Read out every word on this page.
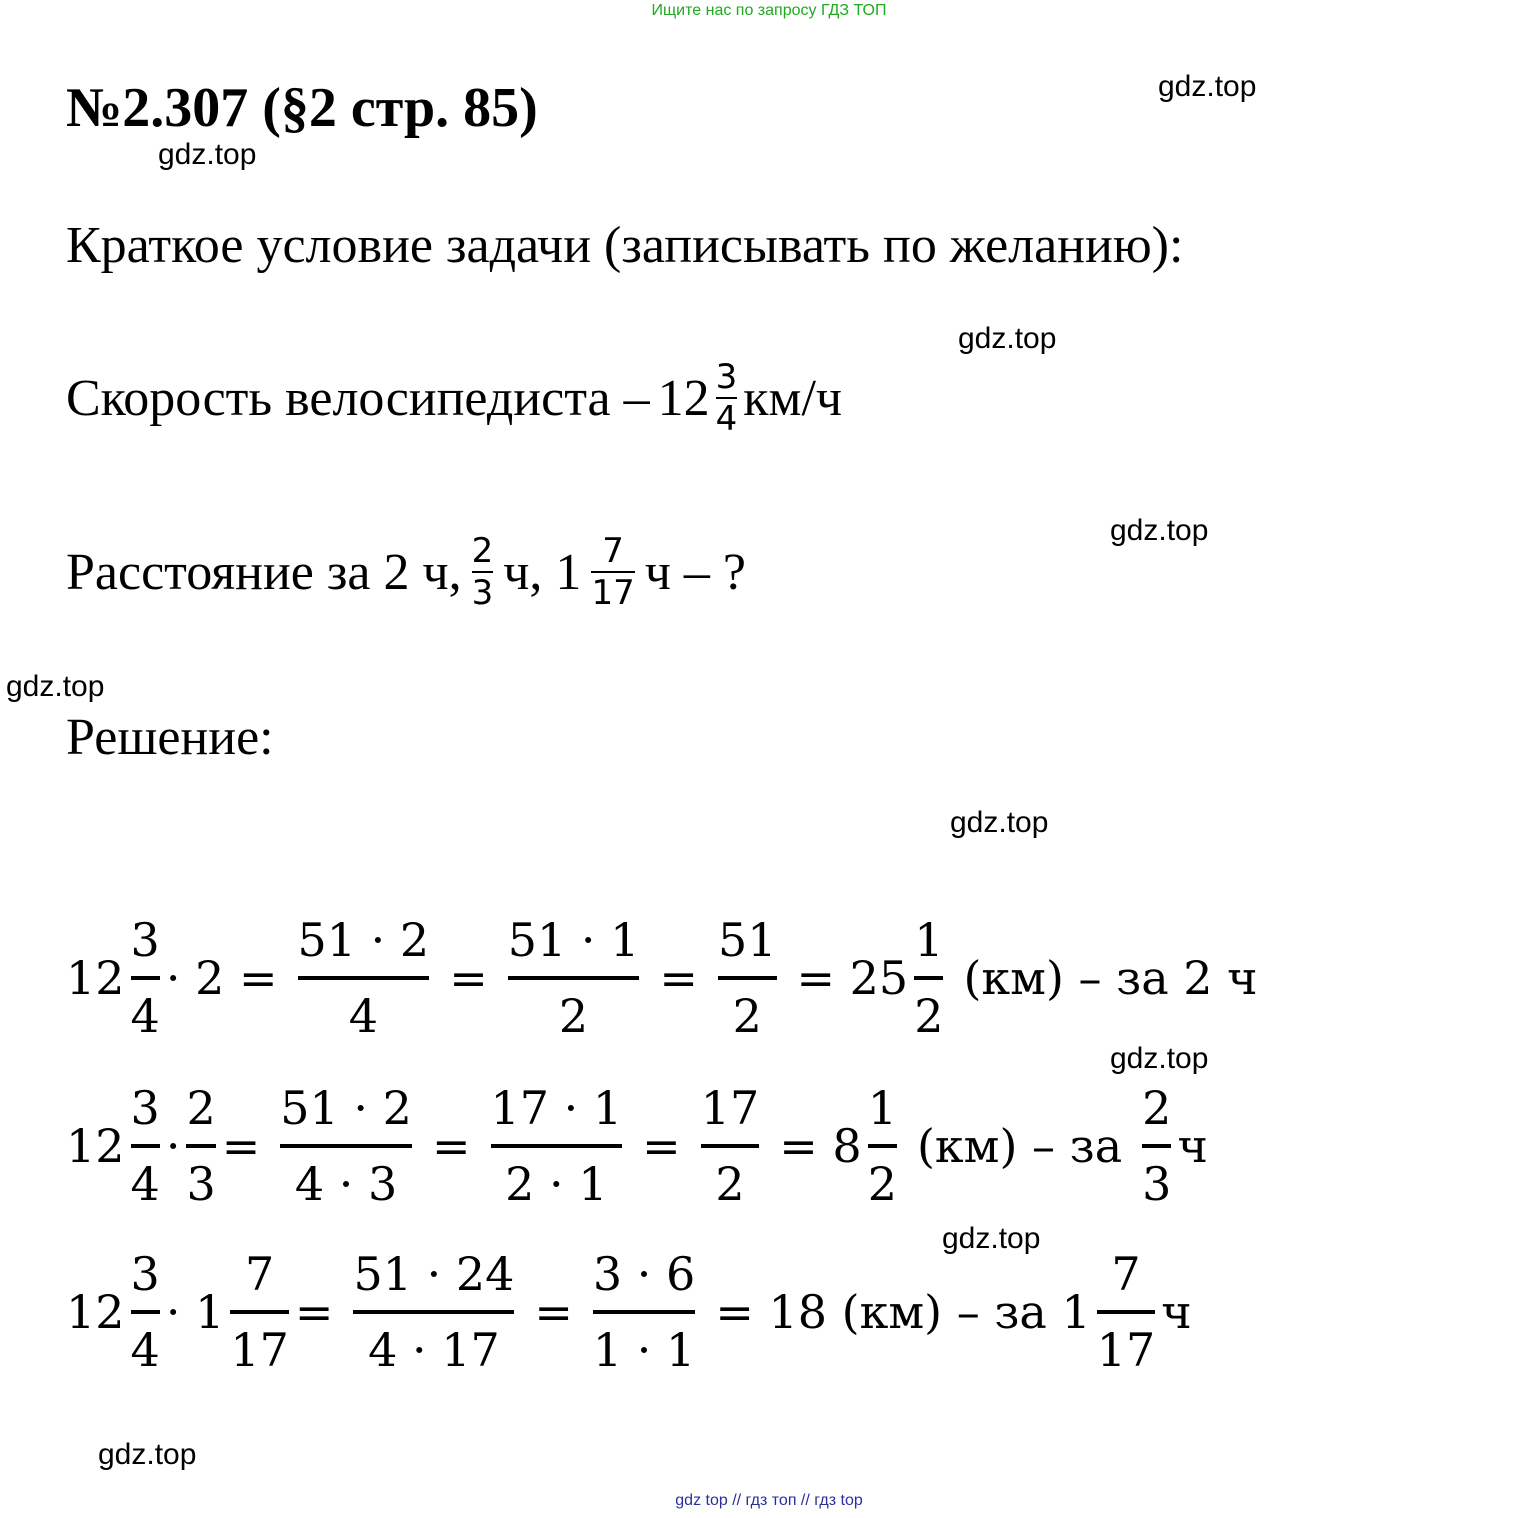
Ищите нас по запросу ГДЗ ТОП
№2.307 (§2 стр. 85)	gdz.top
gdz.top
gdz.top
gdz.top
gdz.top
gdz.top
gdz.top
gdz.top
gdz.top
Краткое условие задачи (записывать по желанию):
Скорость велосипедиста – $12 \frac{3}{4} км/ч$
Расстояние за 2 ч, $\frac{2}{3} ч$, $1 \frac{7}{17}$ ч – ?
Решение:
$12 \frac{3}{4} \cdot 2 = \frac{51 \cdot 2}{4} = \frac{51 \cdot 1}{2} = \frac{51}{2} = 25 \frac{1}{2} (км)$ – за 2 ч
$12 \frac{3}{4} \cdot \frac{2}{3} = \frac{51 \cdot 2}{4 \cdot 3} = \frac{17 \cdot 1}{2 \cdot 1} = \frac{17}{2} = 8 \frac{1}{2} (км)$ – за $\frac{2}{3}$ ч
$12 \frac{3}{4} \cdot 1 \frac{7}{17} = \frac{51 \cdot 24}{4 \cdot 17} = \frac{3 \cdot 6}{1 \cdot 1} = 18$ (км) – за $1 \frac{7}{17}$ ч
gdz top // гдз топ // гдз top
